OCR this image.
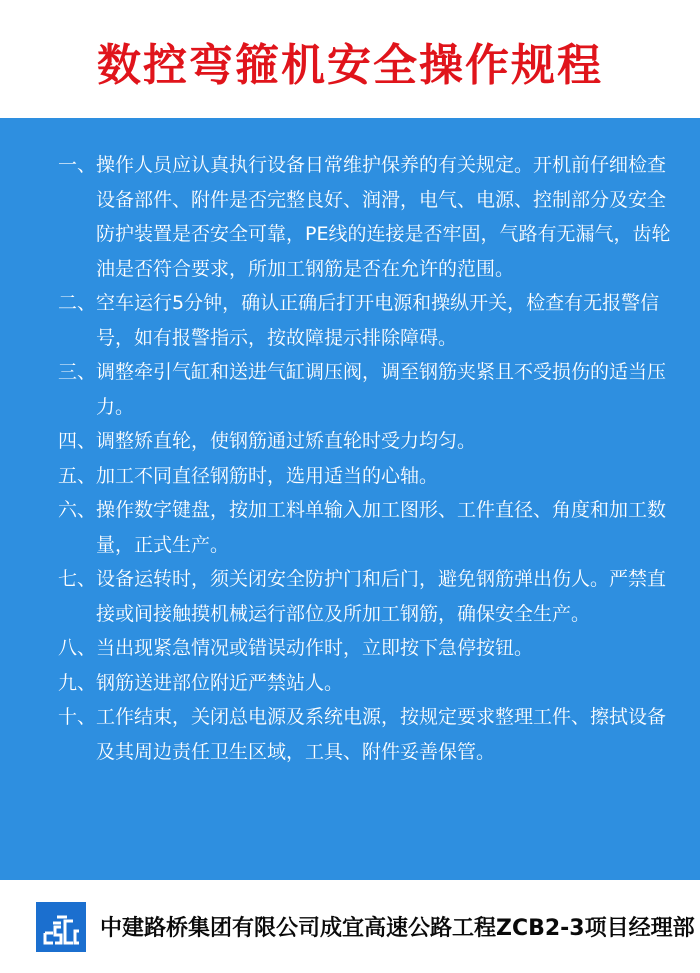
数控弯箍机安全操作规程
一、 操作人员应认真执行设备日常维护保养的有关规定。开机前仔细检查设备部件、附件是否完整良好、润滑，电气、电源、控制部分及安全防护装置是否安全可靠，PE线的连接是否牢固，气路有无漏气，齿轮油是否符合要求，所加工钢筋是否在允许的范围。
二、 空车运行5分钟，确认正确后打开电源和操纵开关，检查有无报警信号，如有报警指示，按故障提示排除障碍。
三、 调整牵引气缸和送进气缸调压阀，调至钢筋夹紧且不受损伤的适当压力。
四、 调整矫直轮，使钢筋通过矫直轮时受力均匀。
五、 加工不同直径钢筋时，选用适当的心轴。
六、 操作数字键盘，按加工料单输入加工图形、工件直径、角度和加工数量，正式生产。
七、 设备运转时，须关闭安全防护门和后门，避免钢筋弹出伤人。严禁直接或间接触摸机械运行部位及所加工钢筋，确保安全生产。
八、 当出现紧急情况或错误动作时，立即按下急停按钮。
九、 钢筋送进部位附近严禁站人。
十、 工作结束，关闭总电源及系统电源，按规定要求整理工件、擦拭设备及其周边责任卫生区域，工具、附件妥善保管。
中建路桥集团有限公司成宜高速公路工程ZCB2-3项目经理部
